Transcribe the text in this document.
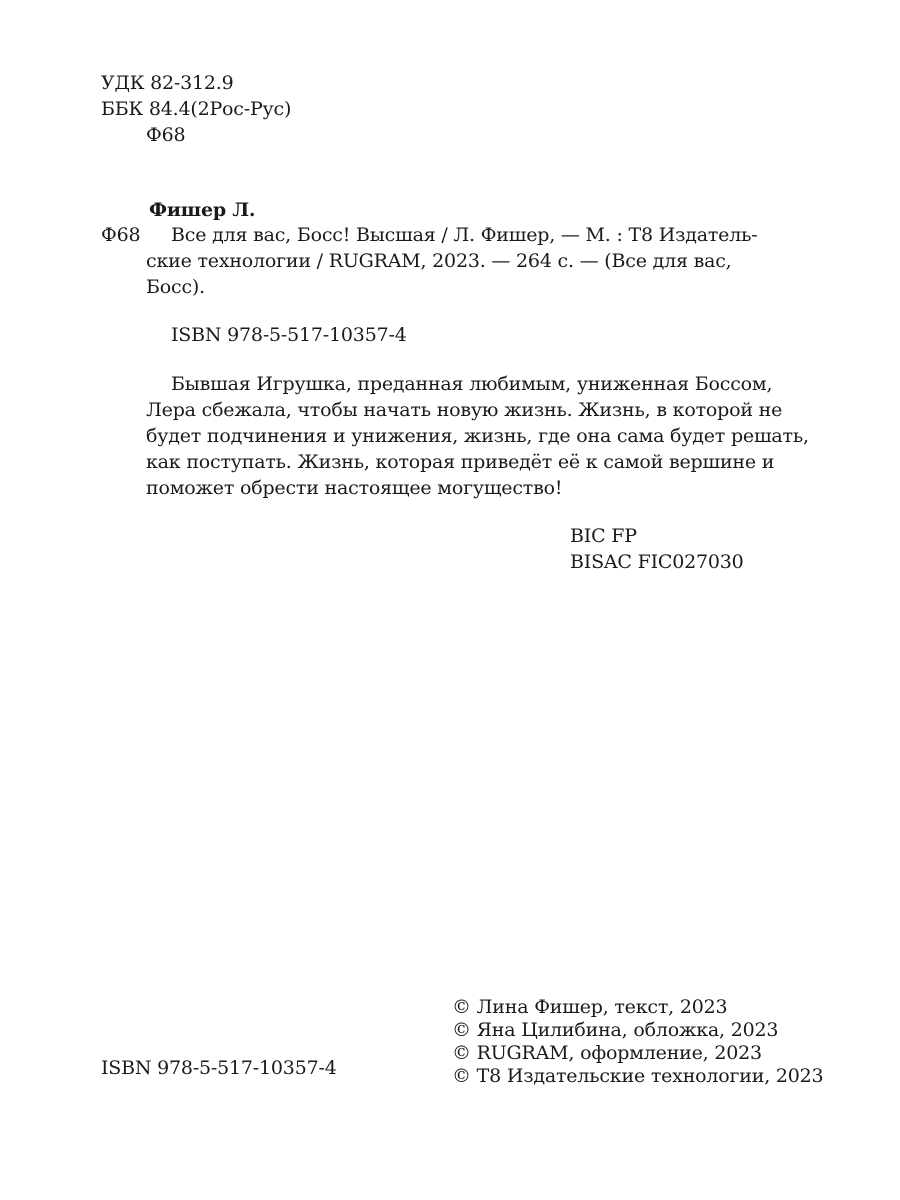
УДК 82-312.9
ББК 84.4(2Рос-Рус)
Ф68
Фишер Л.
Ф68 Все для вас, Босс! Высшая / Л. Фишер, — М. : Т8 Издатель-
ские технологии / RUGRAM, 2023. — 264 с. — (Все для вас,
Босс).
ISBN 978-5-517-10357-4
Бывшая Игрушка, преданная любимым, униженная Боссом,
Лера сбежала, чтобы начать новую жизнь. Жизнь, в которой не
будет подчинения и унижения, жизнь, где она сама будет решать,
как поступать. Жизнь, которая приведёт её к самой вершине и
поможет обрести настоящее могущество!
BIC FP
BISAC FIC027030
ISBN 978-5-517-10357-4
© Лина Фишер, текст, 2023
© Яна Цилибина, обложка, 2023
© RUGRAM, оформление, 2023
© Т8 Издательские технологии, 2023
